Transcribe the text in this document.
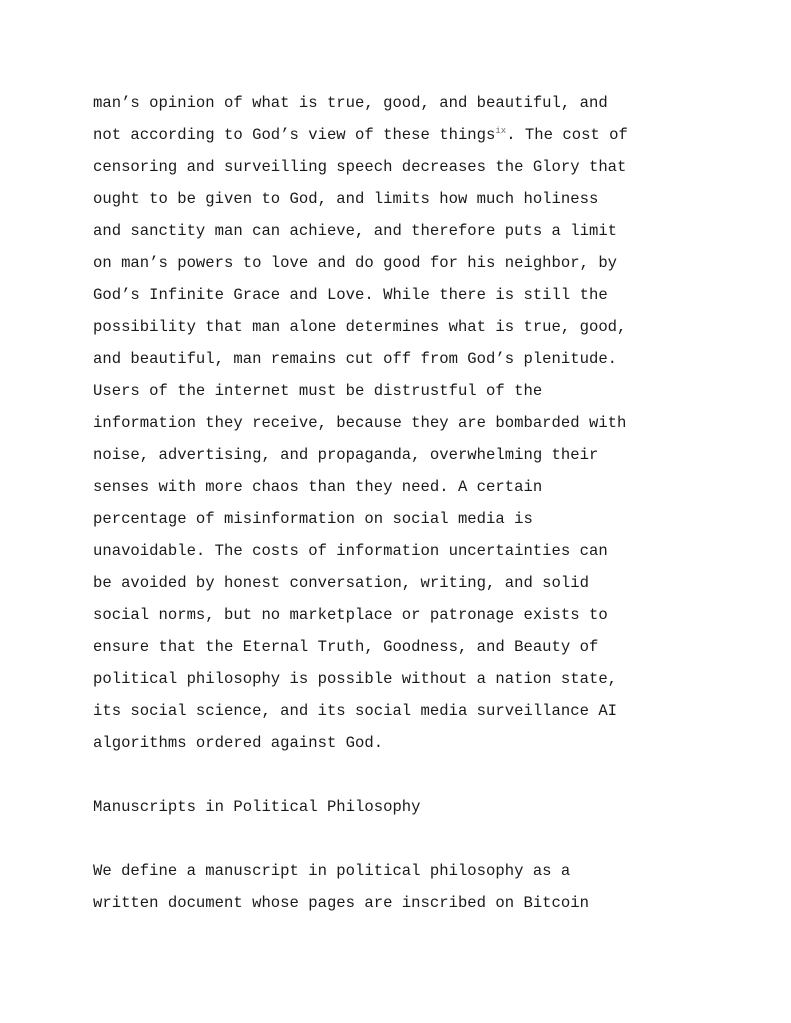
man’s opinion of what is true, good, and beautiful, and
not according to God’s view of these things$^{ix}$. The cost of
censoring and surveilling speech decreases the Glory that
ought to be given to God, and limits how much holiness
and sanctity man can achieve, and therefore puts a limit
on man’s powers to love and do good for his neighbor, by
God’s Infinite Grace and Love. While there is still the
possibility that man alone determines what is true, good,
and beautiful, man remains cut off from God’s plenitude.
Users of the internet must be distrustful of the
information they receive, because they are bombarded with
noise, advertising, and propaganda, overwhelming their
senses with more chaos than they need. A certain
percentage of misinformation on social media is
unavoidable. The costs of information uncertainties can
be avoided by honest conversation, writing, and solid
social norms, but no marketplace or patronage exists to
ensure that the Eternal Truth, Goodness, and Beauty of
political philosophy is possible without a nation state,
its social science, and its social media surveillance AI
algorithms ordered against God.
Manuscripts in Political Philosophy
We define a manuscript in political philosophy as a
written document whose pages are inscribed on Bitcoin
